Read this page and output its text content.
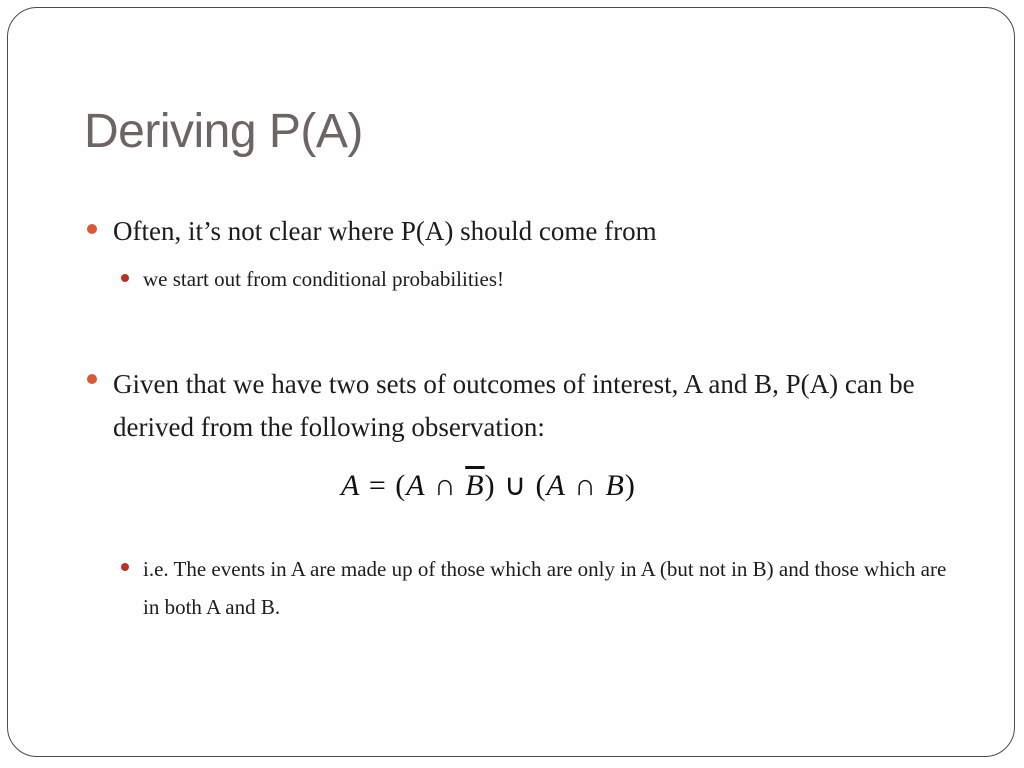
Deriving P(A)
Often, it’s not clear where P(A) should come from
we start out from conditional probabilities!
Given that we have two sets of outcomes of interest, A and B, P(A) can be derived from the following observation:
A = (A ∩ $\overline{B}$) ∪ (A ∩ B)
i.e. The events in A are made up of those which are only in A (but not in B) and those which are in both A and B.
